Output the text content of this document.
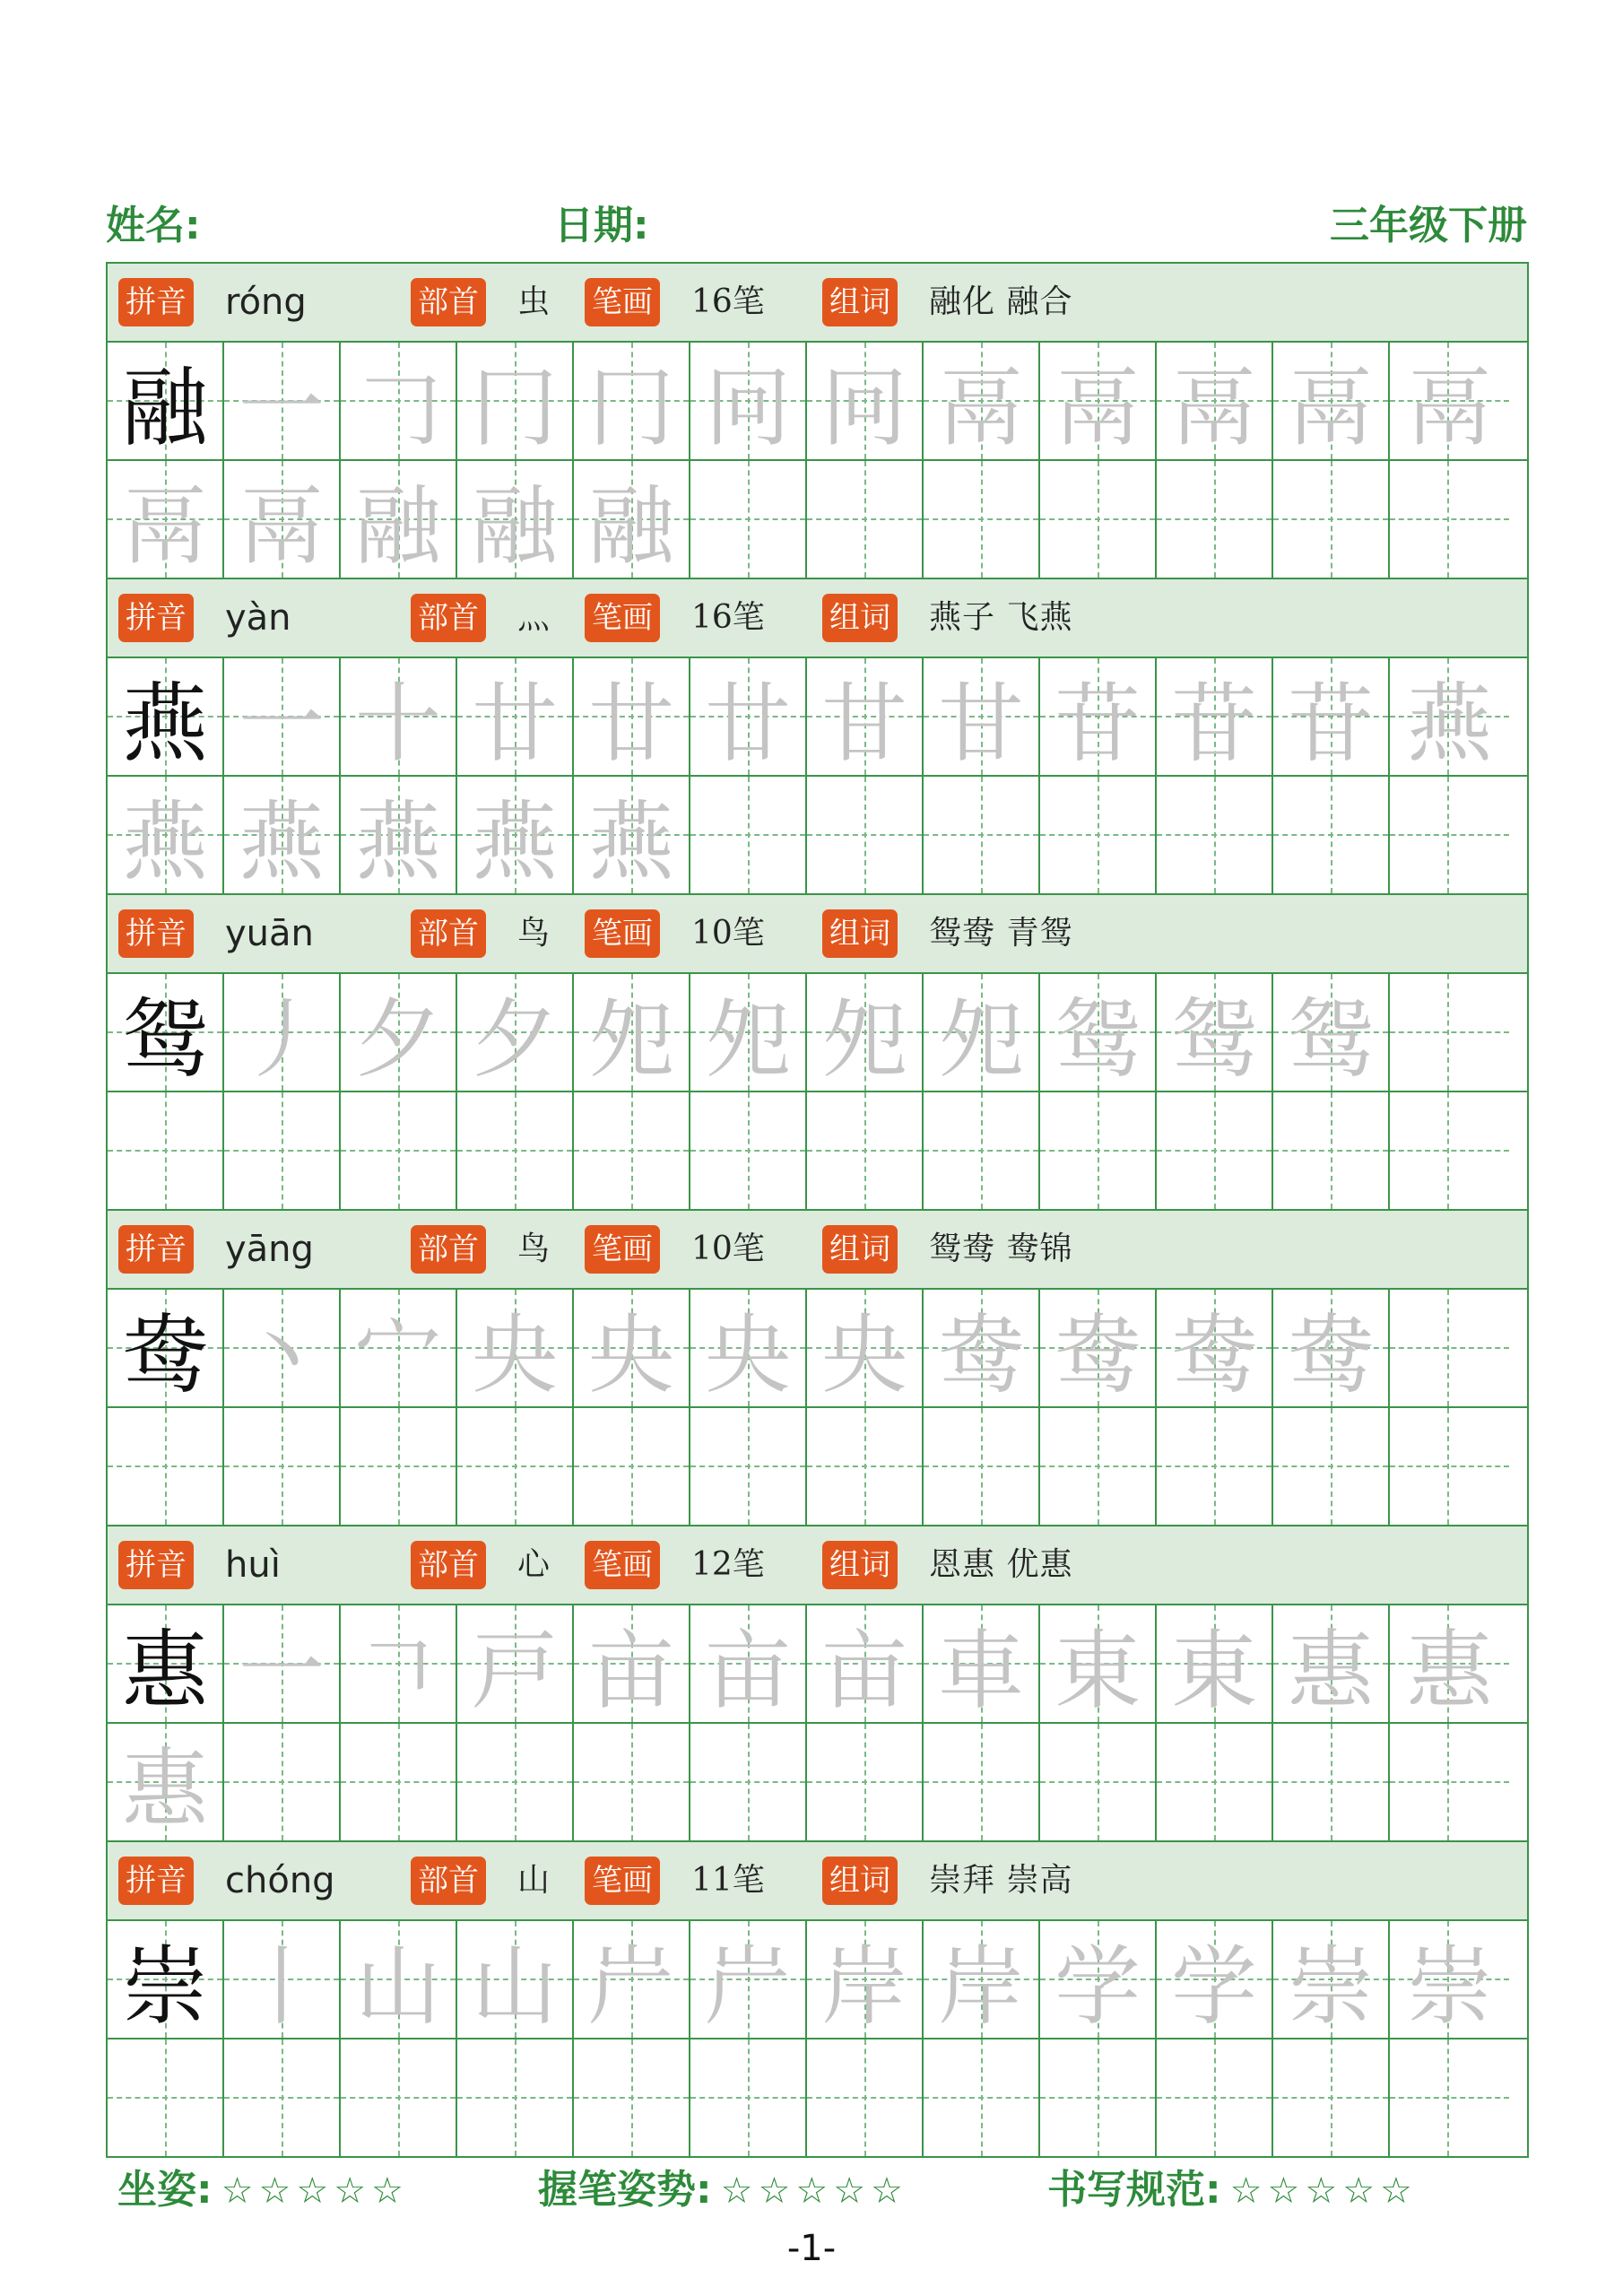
姓名:	日期:	三年级下册
拼音 róng	部首 虫 笔画 16笔 组词 融化 融合
融 一 𠃌 冂 冂 冋 冋 鬲 鬲 鬲 鬲 鬲
鬲 鬲 融 融 融
拼音 yàn	部首 灬 笔画 16笔 组词 燕子 飞燕
燕 一 十 廿 廿 廿 甘 甘 苷 苷 苷 燕
燕 燕 燕 燕 燕
拼音 yuān	部首 鸟 笔画 10笔 组词 鸳鸯 青鸳
鸳 丿 夕 夕 夗 夗 夗 夗 鸳 鸳 鸳
拼音 yāng	部首 鸟 笔画 10笔 组词 鸳鸯 鸯锦
鸯 丶 宀 央 央 央 央 鸯 鸯 鸯 鸯
拼音 huì	部首 心 笔画 12笔 组词 恩惠 优惠
惠 一 𠃍 戸 亩 亩 亩 車 東 東 惠 惠
惠
拼音 chóng	部首 山 笔画 11笔 组词 崇拜 崇高
崇 丨 山 山 屵 屵 岸 岸 学 学 崇 崇
坐姿: ☆☆☆☆☆	握笔姿势: ☆☆☆☆☆	书写规范: ☆☆☆☆☆
-1-
